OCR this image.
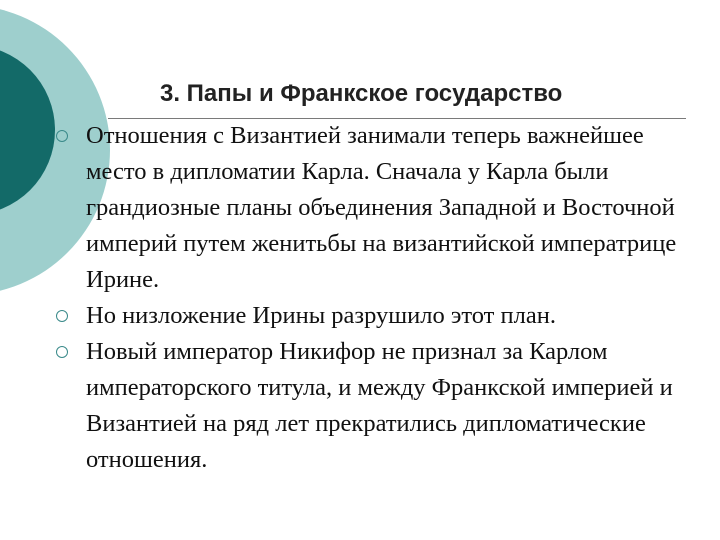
3. Папы и Франкское государство
Отношения с Византией занимали теперь важнейшее место в дипломатии Карла. Сначала у Карла были грандиозные планы объединения Западной и Восточной империй путем женитьбы на византийской императрице Ирине.
Но низложение Ирины разрушило этот план.
Новый император Никифор не признал за Карлом императорского титула, и между Франкской империей и Византией на ряд лет прекратились дипломатические отношения.
